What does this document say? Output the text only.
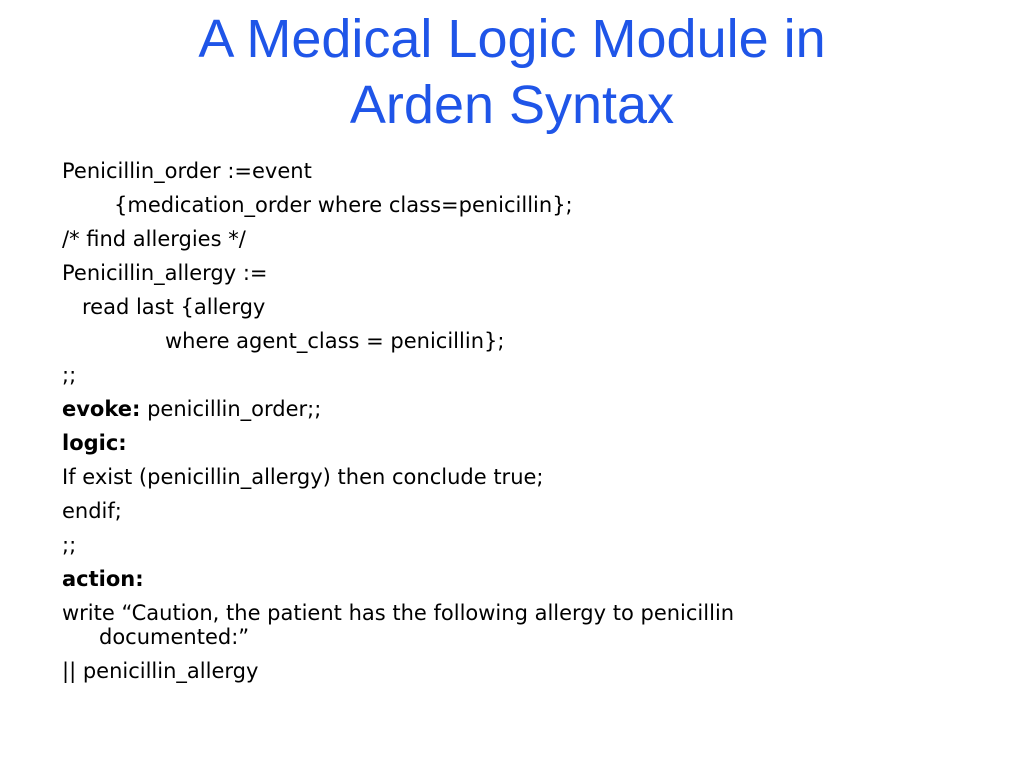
A Medical Logic Module in
Arden Syntax
Penicillin_order :=event
{medication_order where class=penicillin};
/* find allergies */
Penicillin_allergy :=
read last {allergy
where agent_class = penicillin};
;;
evoke: penicillin_order;;
logic:
If exist (penicillin_allergy) then conclude true;
endif;
;;
action:
write “Caution, the patient has the following allergy to penicillin
documented:”
|| penicillin_allergy
